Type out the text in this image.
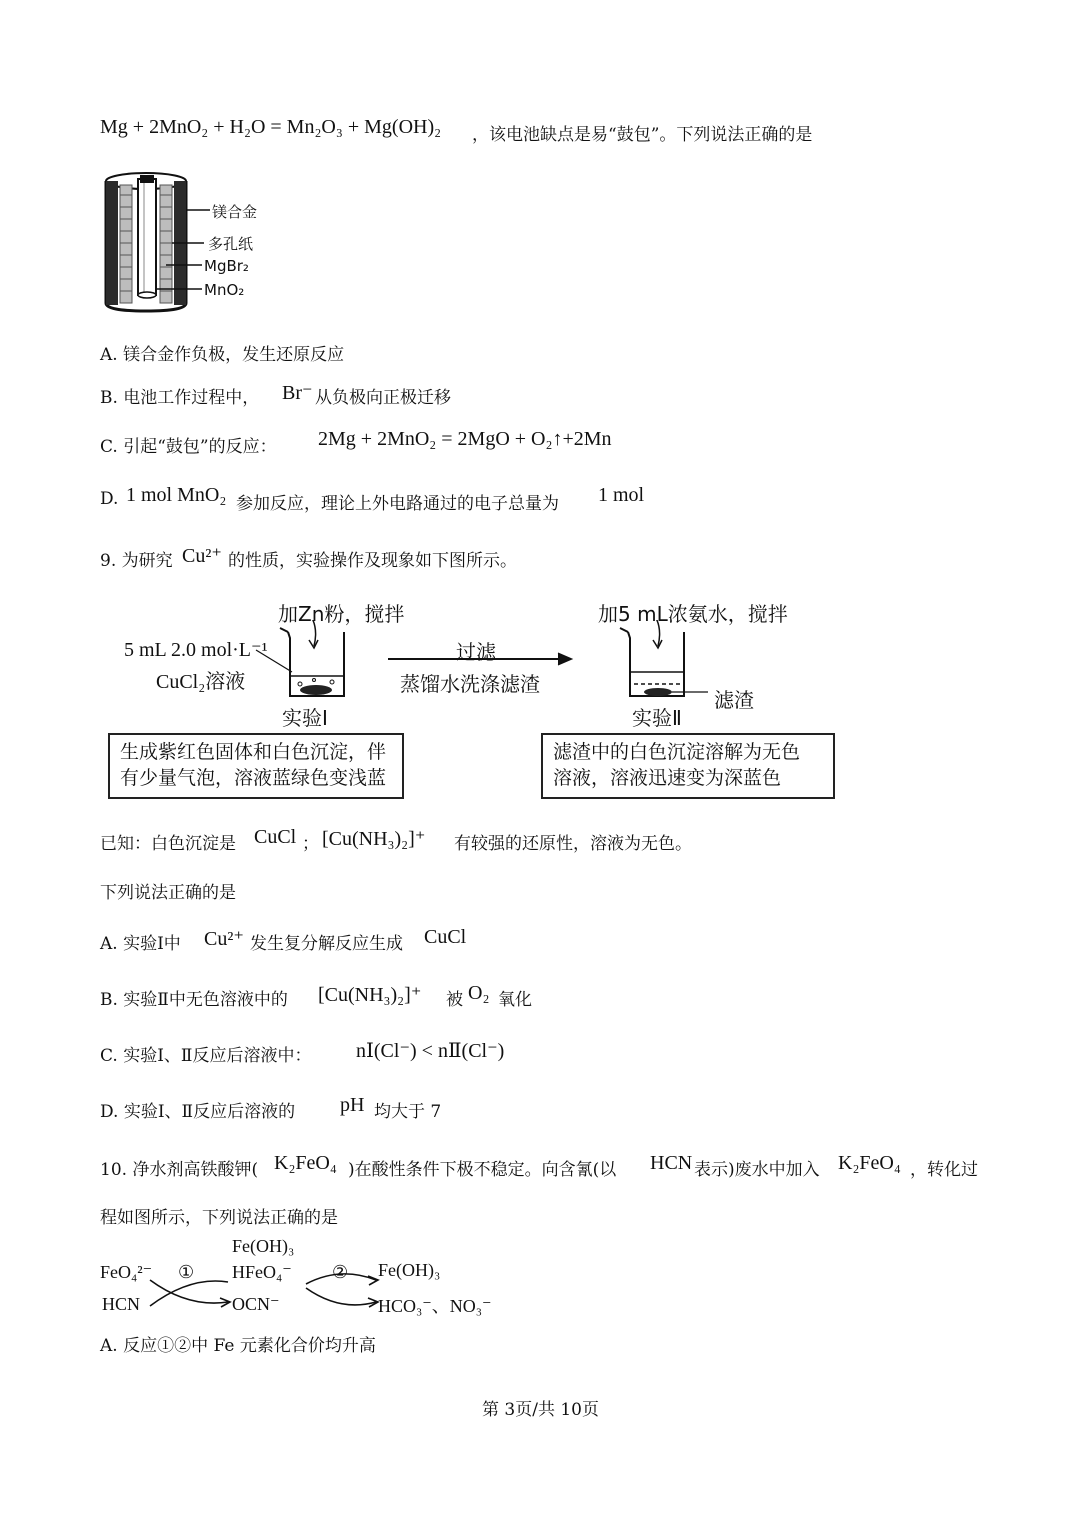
Mg + 2MnO₂ + H₂O = Mn₂O₃ + Mg(OH)₂ ，该电池缺点是易“鼓包”。下列说法正确的是
镁合金
多孔纸
MgBr₂
MnO₂
A. 镁合金作负极，发生还原反应
B. 电池工作过程中， Br⁻ 从负极向正极迁移
C. 引起“鼓包”的反应： 2Mg + 2MnO₂ = 2MgO + O₂↑+2Mn
D. 1 mol MnO₂ 参加反应，理论上外电路通过的电子总量为 1 mol
9. 为研究 Cu²⁺ 的性质，实验操作及现象如下图所示。
加Zn粉，搅拌
5 mL 2.0 mol·L⁻¹
CuCl₂溶液
过滤
蒸馏水洗涤滤渣
加5 mL浓氨水，搅拌
滤渣
实验Ⅰ	实验Ⅱ
生成紫红色固体和白色沉淀，伴
有少量气泡，溶液蓝绿色变浅蓝
滤渣中的白色沉淀溶解为无色
溶液，溶液迅速变为深蓝色
已知：白色沉淀是 CuCl ； [Cu(NH₃)₂]⁺ 有较强的还原性，溶液为无色。
下列说法正确的是
A. 实验Ⅰ中 Cu²⁺ 发生复分解反应生成 CuCl
B. 实验Ⅱ中无色溶液中的 [Cu(NH₃)₂]⁺ 被 O₂ 氧化
C. 实验Ⅰ、Ⅱ反应后溶液中： nⅠ(Cl⁻) < nⅡ(Cl⁻)
D. 实验Ⅰ、Ⅱ反应后溶液的 pH 均大于 7
10. 净水剂高铁酸钾( K₂FeO₄ )在酸性条件下极不稳定。向含氰(以 HCN 表示)废水中加入 K₂FeO₄ ，转化过
程如图所示，下列说法正确的是
FeO₄²⁻
HCN
①
Fe(OH)₃
HFeO₄⁻
OCN⁻
② Fe(OH)₃
HCO₃⁻、NO₃⁻
A. 反应①②中 Fe 元素化合价均升高
第 3页/共 10页
